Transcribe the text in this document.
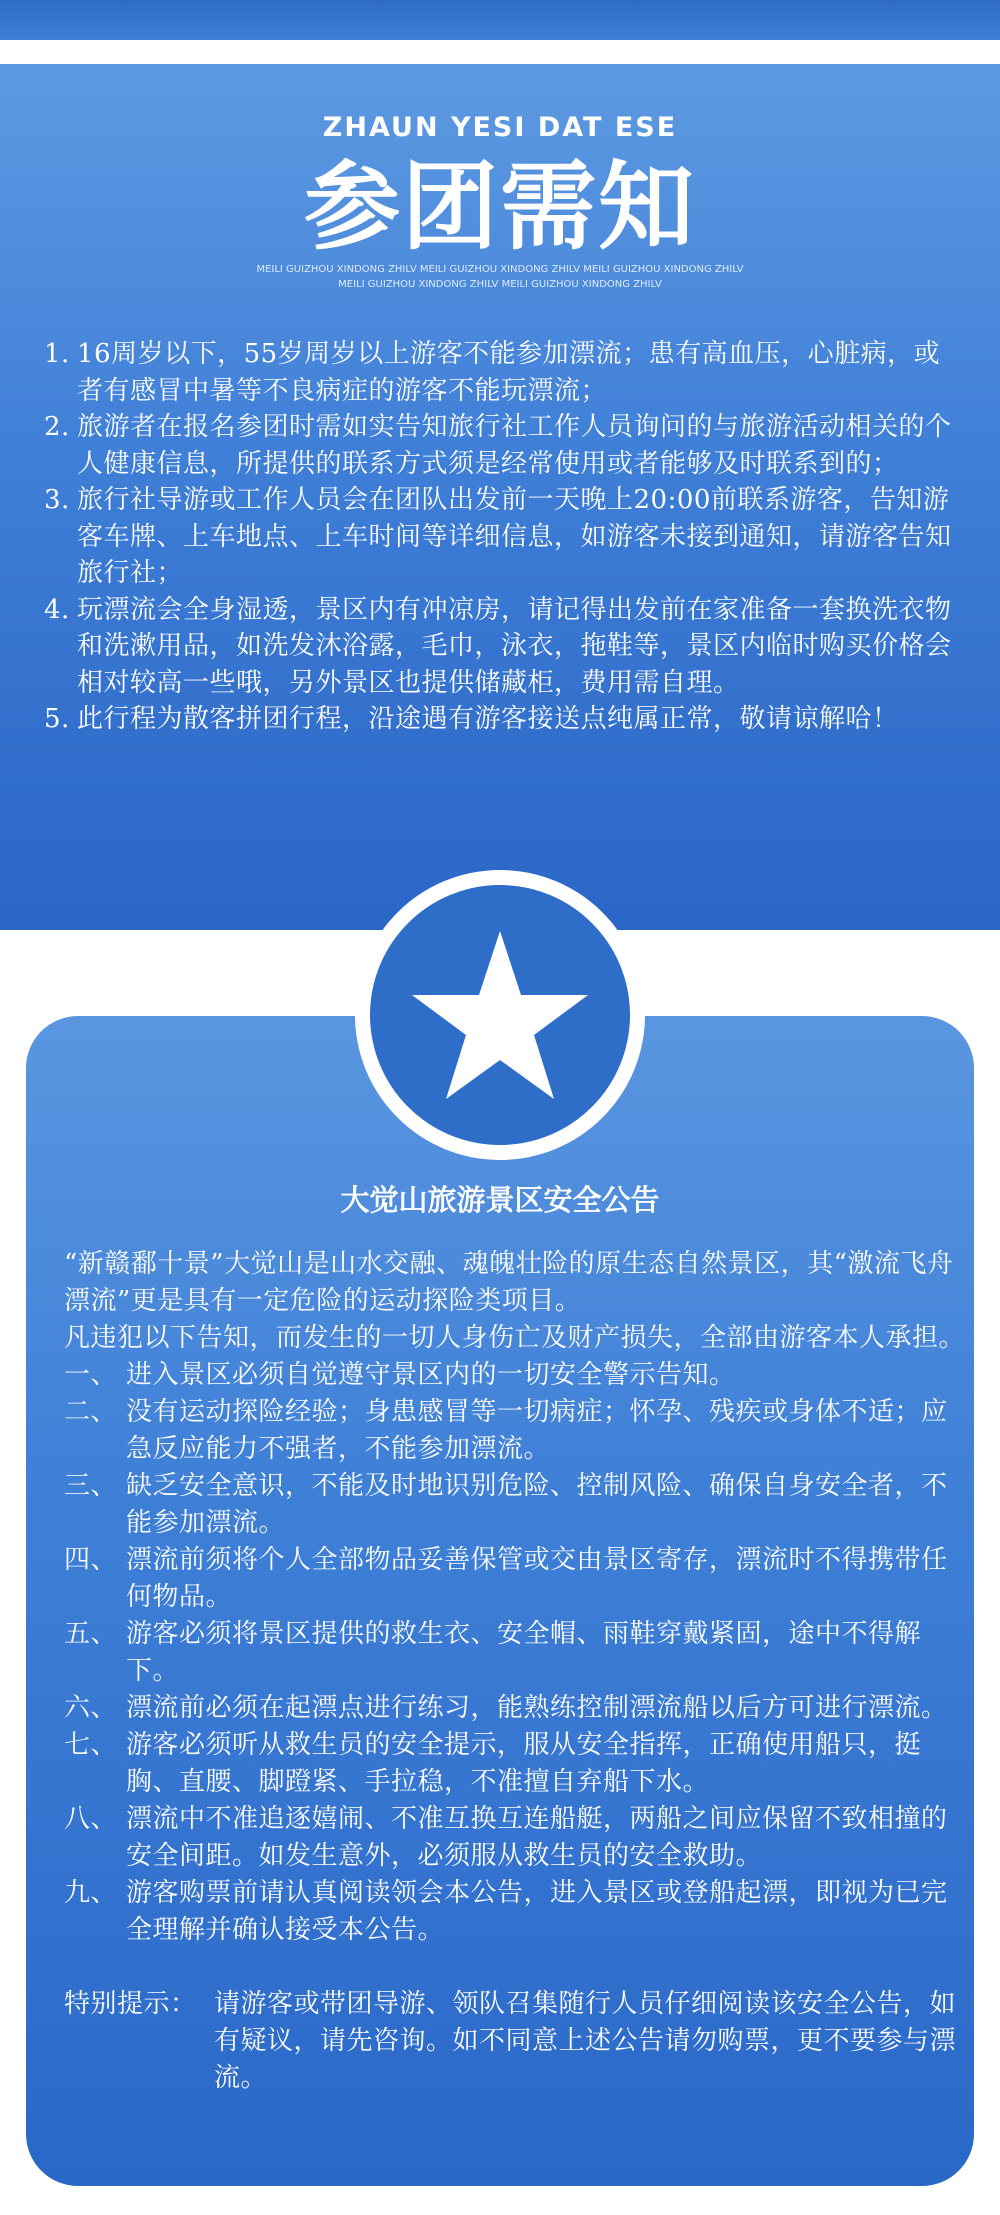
ZHAUN YESI DAT ESE
参团需知
MEILI GUIZHOU XINDONG ZHILV MEILI GUIZHOU XINDONG ZHILV MEILI GUIZHOU XINDONG ZHILV
MEILI GUIZHOU XINDONG ZHILV MEILI GUIZHOU XINDONG ZHILV
1. 16周岁以下，55岁周岁以上游客不能参加漂流；患有高血压，心脏病，或者有感冒中暑等不良病症的游客不能玩漂流；
2. 旅游者在报名参团时需如实告知旅行社工作人员询问的与旅游活动相关的个人健康信息，所提供的联系方式须是经常使用或者能够及时联系到的；
3. 旅行社导游或工作人员会在团队出发前一天晚上20:00前联系游客，告知游客车牌、上车地点、上车时间等详细信息，如游客未接到通知，请游客告知旅行社；
4. 玩漂流会全身湿透，景区内有冲凉房，请记得出发前在家准备一套换洗衣物和洗漱用品，如洗发沐浴露，毛巾，泳衣，拖鞋等，景区内临时购买价格会相对较高一些哦，另外景区也提供储藏柜，费用需自理。
5. 此行程为散客拼团行程，沿途遇有游客接送点纯属正常，敬请谅解哈！
大觉山旅游景区安全公告

“新赣鄱十景”大觉山是山水交融、魂魄壮险的原生态自然景区，其“激流飞舟漂流”更是具有一定危险的运动探险类项目。

凡违犯以下告知，而发生的一切人身伤亡及财产损失，全部由游客本人承担。

一、 进入景区必须自觉遵守景区内的一切安全警示告知。

二、 没有运动探险经验；身患感冒等一切病症；怀孕、残疾或身体不适；应急反应能力不强者，不能参加漂流。

三、 缺乏安全意识，不能及时地识别危险、控制风险、确保自身安全者，不能参加漂流。

四、 漂流前须将个人全部物品妥善保管或交由景区寄存，漂流时不得携带任何物品。

五、 游客必须将景区提供的救生衣、安全帽、雨鞋穿戴紧固，途中不得解下。

六、 漂流前必须在起漂点进行练习，能熟练控制漂流船以后方可进行漂流。

七、 游客必须听从救生员的安全提示，服从安全指挥，正确使用船只，挺胸、直腰、脚蹬紧、手拉稳，不准擅自弃船下水。

八、 漂流中不准追逐嬉闹、不准互换互连船艇，两船之间应保留不致相撞的安全间距。如发生意外，必须服从救生员的安全救助。

九、 游客购票前请认真阅读领会本公告，进入景区或登船起漂，即视为已完全理解并确认接受本公告。

特别提示： 请游客或带团导游、领队召集随行人员仔细阅读该安全公告，如有疑议，请先咨询。如不同意上述公告请勿购票，更不要参与漂流。
